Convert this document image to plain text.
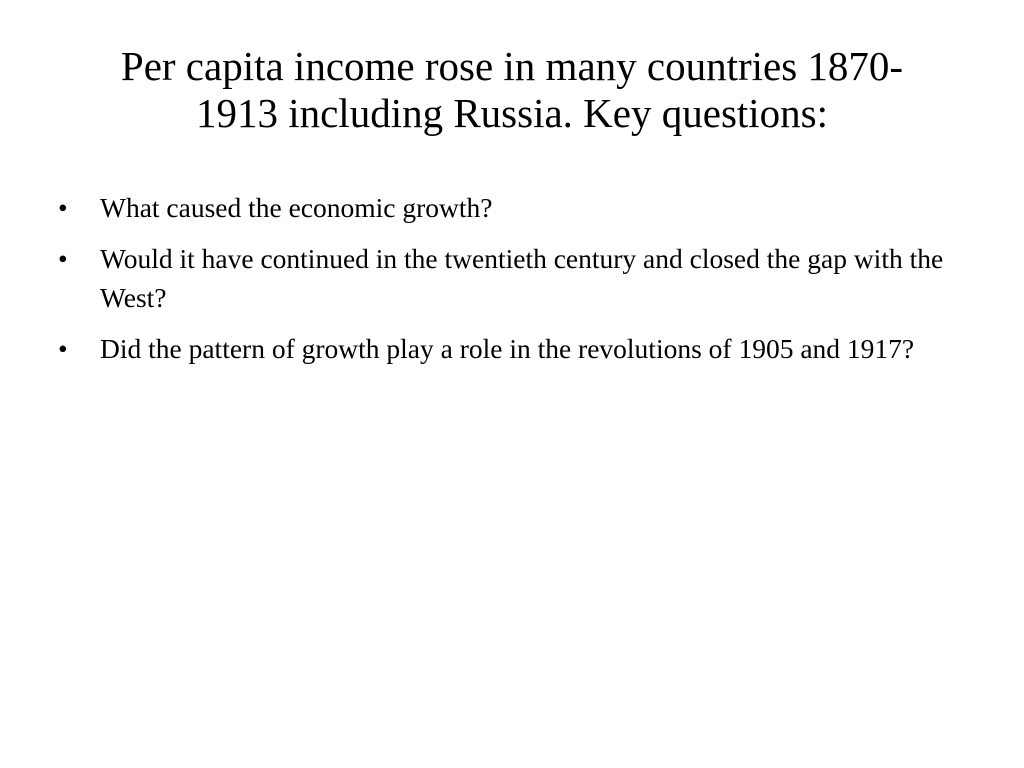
Per capita income rose in many countries 1870-
1913 including Russia. Key questions:
•	What caused the economic growth?
•	Would it have continued in the twentieth century and closed the gap with the West?
•	Did the pattern of growth play a role in the revolutions of 1905 and 1917?
